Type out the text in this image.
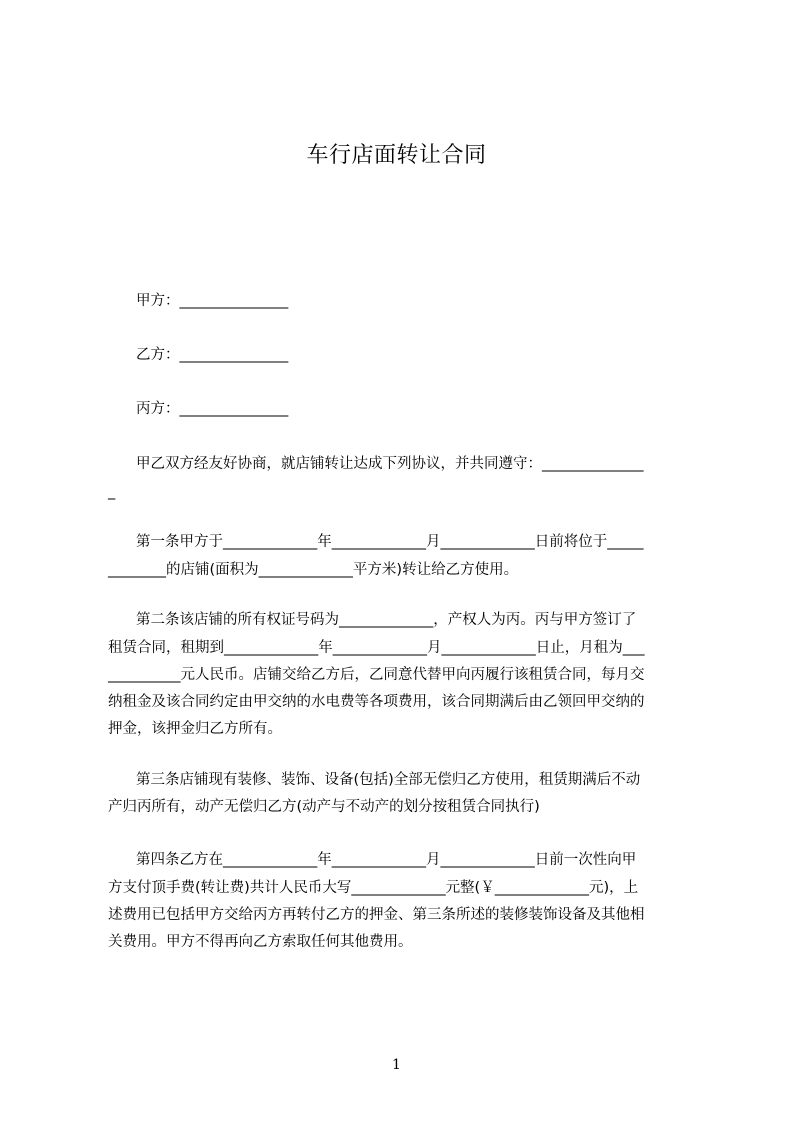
车行店面转让合同
甲方：_______________
乙方：_______________
丙方：_______________
甲乙双方经友好协商，就店铺转让达成下列协议，并共同遵守：______________
_
第一条甲方于_____________年_____________月_____________日前将位于_____
________的店铺(面积为_____________平方米)转让给乙方使用。
第二条该店铺的所有权证号码为_____________，产权人为丙。丙与甲方签订了
租赁合同，租期到_____________年_____________月_____________日止，月租为___
__________元人民币。店铺交给乙方后，乙同意代替甲向丙履行该租赁合同，每月交
纳租金及该合同约定由甲交纳的水电费等各项费用，该合同期满后由乙领回甲交纳的
押金，该押金归乙方所有。
第三条店铺现有装修、装饰、设备(包括)全部无偿归乙方使用，租赁期满后不动
产归丙所有，动产无偿归乙方(动产与不动产的划分按租赁合同执行)
第四条乙方在_____________年_____________月_____________日前一次性向甲
方支付顶手费(转让费)共计人民币大写_____________元整(￥_____________元)，上
述费用已包括甲方交给丙方再转付乙方的押金、第三条所述的装修装饰设备及其他相
关费用。甲方不得再向乙方索取任何其他费用。
1
